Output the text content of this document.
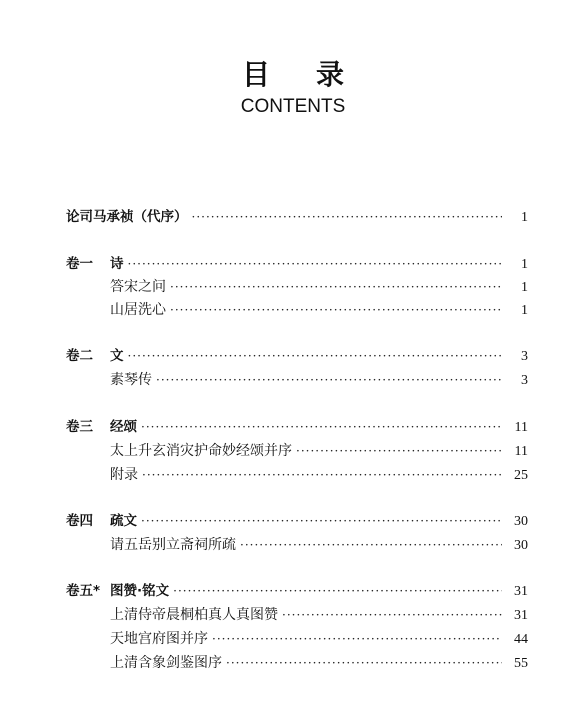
目录
CONTENTS
论司马承祯（代序） ·····	1
卷一 诗 ·····	1
答宋之问 ·····	1
山居洗心 ·····	1
卷二 文 ·····	3
素琴传 ·····	3
卷三 经颂 ·····	11
太上升玄消灾护命妙经颂并序 ·····	11
附录 ·····	25
卷四 疏文 ·····	30
请五岳别立斋祠所疏 ·····	30
卷五* 图赞·铭文 ·····	31
上清侍帝晨桐柏真人真图赞 ·····	31
天地宫府图并序 ·····	44
上清含象剑鉴图序 ·····	55
